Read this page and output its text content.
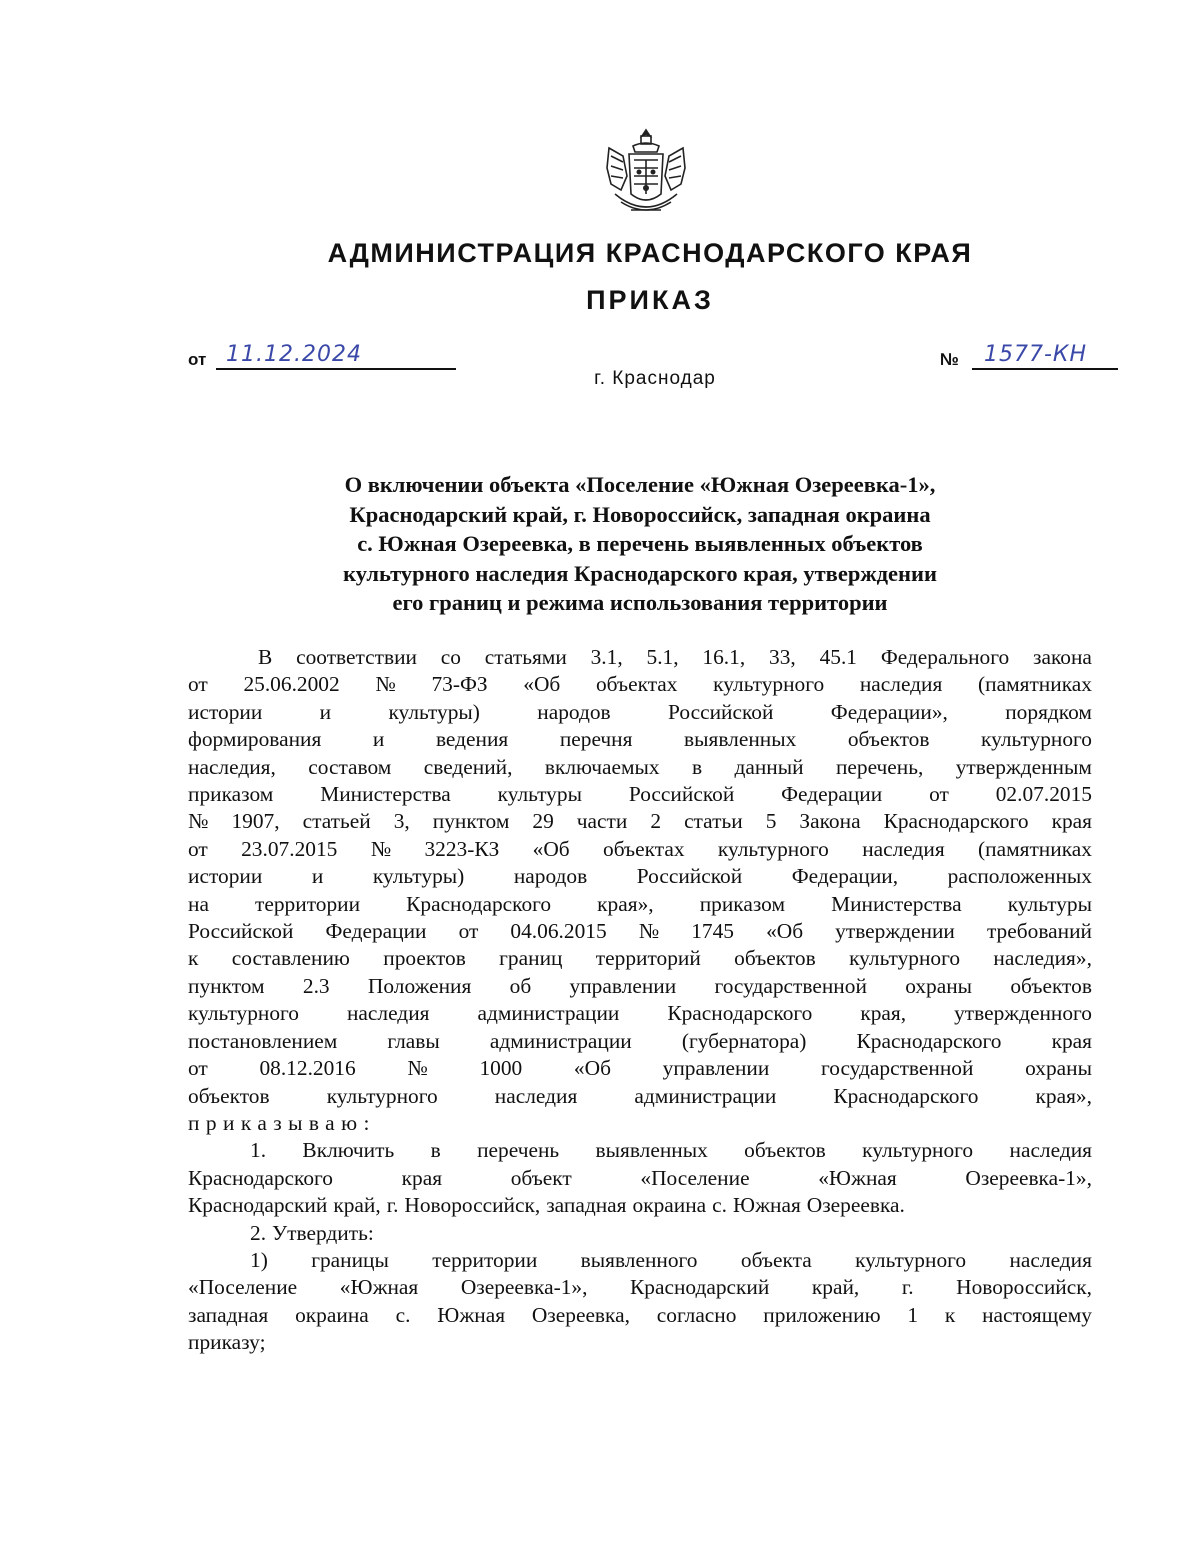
АДМИНИСТРАЦИЯ КРАСНОДАРСКОГО КРАЯ
ПРИКАЗ
от 11.12.2024	№ 1577-КН
г. Краснодар
О включении объекта «Поселение «Южная Озереевка-1»,
Краснодарский край, г. Новороссийск, западная окраина
с. Южная Озереевка, в перечень выявленных объектов
культурного наследия Краснодарского края, утверждении
его границ и режима использования территории
В соответствии со статьями 3.1, 5.1, 16.1, 33, 45.1 Федерального закона
от 25.06.2002 № 73-ФЗ «Об объектах культурного наследия (памятниках
истории	и	культуры)	народов	Российской	Федерации»,	порядком
формирования и ведения перечня выявленных объектов культурного
наследия, составом сведений, включаемых в данный перечень, утвержденным
приказом Министерства культуры Российской Федерации от 02.07.2015
№ 1907, статьей 3, пунктом 29 части 2 статьи 5 Закона Краснодарского края
от 23.07.2015 № 3223-КЗ «Об объектах культурного наследия (памятниках
истории и культуры) народов Российской Федерации, расположенных
на территории Краснодарского края», приказом Министерства культуры
Российской Федерации от 04.06.2015 № 1745 «Об утверждении требований
к составлению проектов границ территорий объектов культурного наследия»,
пунктом 2.3 Положения об управлении государственной охраны объектов
культурного наследия администрации Краснодарского края, утвержденного
постановлением главы администрации (губернатора) Краснодарского края
от 08.12.2016 № 1000 «Об управлении государственной охраны
объектов	культурного	наследия	администрации	Краснодарского	края»,
приказываю:
1. Включить в перечень выявленных объектов культурного наследия
Краснодарского	края	объект	«Поселение	«Южная	Озереевка-1»,
Краснодарский край, г. Новороссийск, западная окраина с. Южная Озереевка.
2. Утвердить:
1) границы территории выявленного объекта культурного наследия
«Поселение «Южная Озереевка-1», Краснодарский край, г. Новороссийск,
западная окраина с. Южная Озереевка, согласно приложению 1 к настоящему
приказу;
